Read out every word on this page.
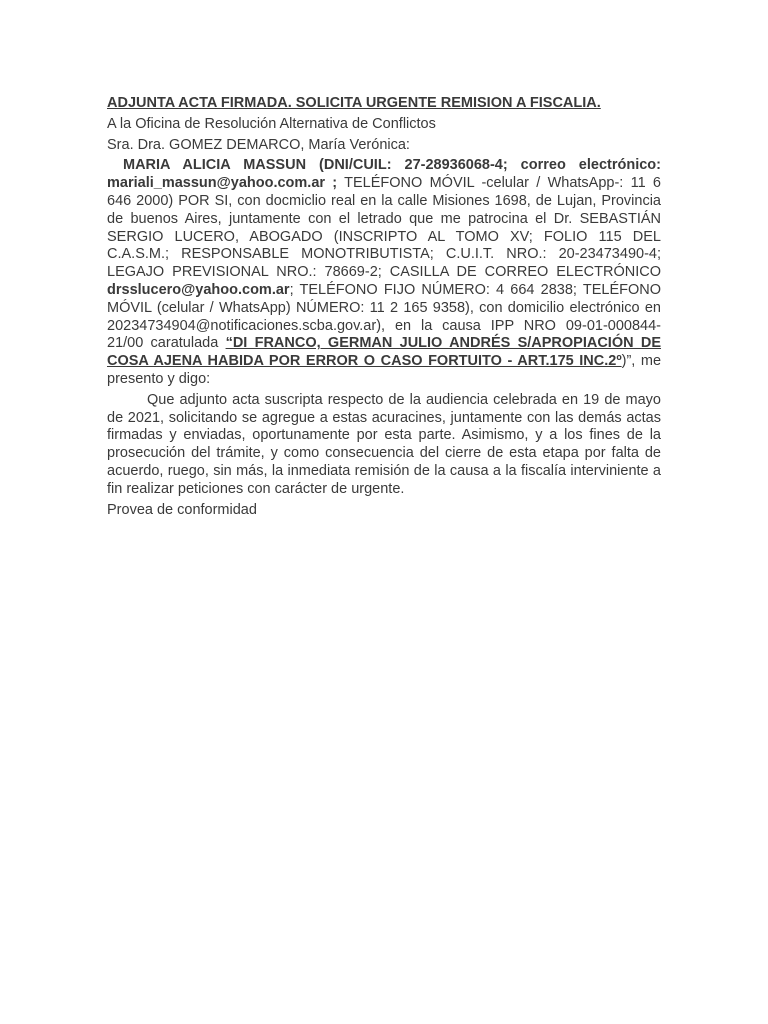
ADJUNTA ACTA FIRMADA. SOLICITA URGENTE REMISION A FISCALIA.

A la Oficina de Resolución Alternativa de Conflictos

Sra. Dra. GOMEZ DEMARCO, María Verónica:

MARIA ALICIA MASSUN (DNI/CUIL: 27-28936068-4; correo electrónico: mariali_massun@yahoo.com.ar ; TELÉFONO MÓVIL -celular / WhatsApp-: 11 6 646 2000) POR SI, con docmiclio real en la calle Misiones 1698, de Lujan, Provincia de buenos Aires, juntamente con el letrado que me patrocina el Dr. SEBASTIÁN SERGIO LUCERO, ABOGADO (INSCRIPTO AL TOMO XV; FOLIO 115 DEL C.A.S.M.; RESPONSABLE MONOTRIBUTISTA; C.U.I.T. NRO.: 20-23473490-4; LEGAJO PREVISIONAL NRO.: 78669-2; CASILLA DE CORREO ELECTRÓNICO drsslucero@yahoo.com.ar; TELÉFONO FIJO NÚMERO: 4 664 2838; TELÉFONO MÓVIL (celular / WhatsApp) NÚMERO: 11 2 165 9358), con domicilio electrónico en 20234734904@notificaciones.scba.gov.ar), en la causa IPP NRO 09-01-000844-21/00 caratulada “DI FRANCO, GERMAN JULIO ANDRÉS S/APROPIACIÓN DE COSA AJENA HABIDA POR ERROR O CASO FORTUITO - ART.175 INC.2º)”, me presento y digo:

Que adjunto acta suscripta respecto de la audiencia celebrada en 19 de mayo de 2021, solicitando se agregue a estas acuracines, juntamente con las demás actas firmadas y enviadas, oportunamente por esta parte. Asimismo, y a los fines de la prosecución del trámite, y como consecuencia del cierre de esta etapa por falta de acuerdo, ruego, sin más, la inmediata remisión de la causa a la fiscalía interviniente a fin realizar peticiones con carácter de urgente.

Provea de conformidad
